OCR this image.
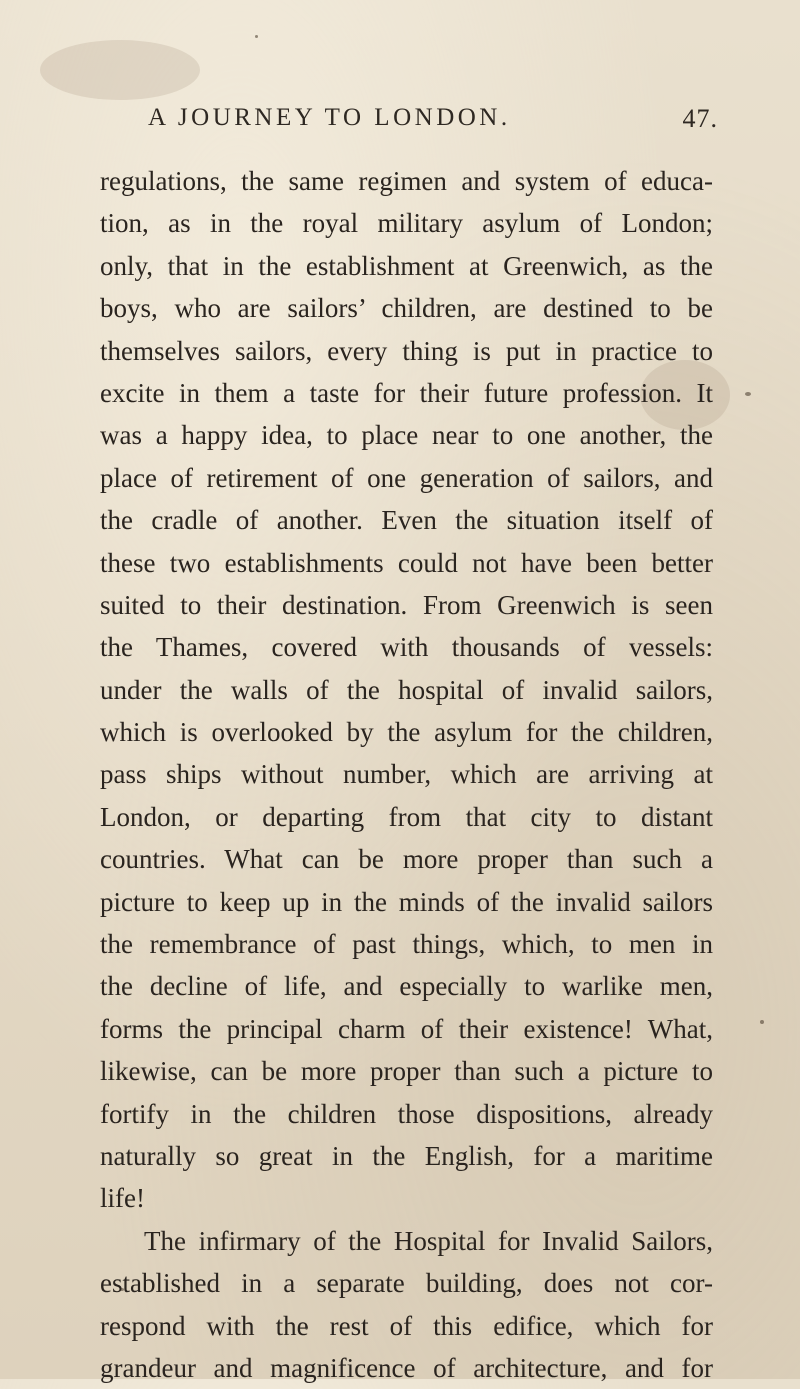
A JOURNEY TO LONDON.	47.
regulations, the same regimen and system of educa-
tion, as in the royal military asylum of London;
only, that in the establishment at Greenwich, as the
boys, who are sailors’ children, are destined to be
themselves sailors, every thing is put in practice to
excite in them a taste for their future profession. It
was a happy idea, to place near to one another, the
place of retirement of one generation of sailors, and
the cradle of another. Even the situation itself of
these two establishments could not have been better
suited to their destination. From Greenwich is seen
the Thames, covered with thousands of vessels:
under the walls of the hospital of invalid sailors,
which is overlooked by the asylum for the children,
pass ships without number, which are arriving at
London, or departing from that city to distant
countries. What can be more proper than such a
picture to keep up in the minds of the invalid sailors
the remembrance of past things, which, to men in
the decline of life, and especially to warlike men,
forms the principal charm of their existence! What,
likewise, can be more proper than such a picture to
fortify in the children those dispositions, already
naturally so great in the English, for a maritime
life!
The infirmary of the Hospital for Invalid Sailors,
established in a separate building, does not cor-
respond with the rest of this edifice, which for
grandeur and magnificence of architecture, and for
